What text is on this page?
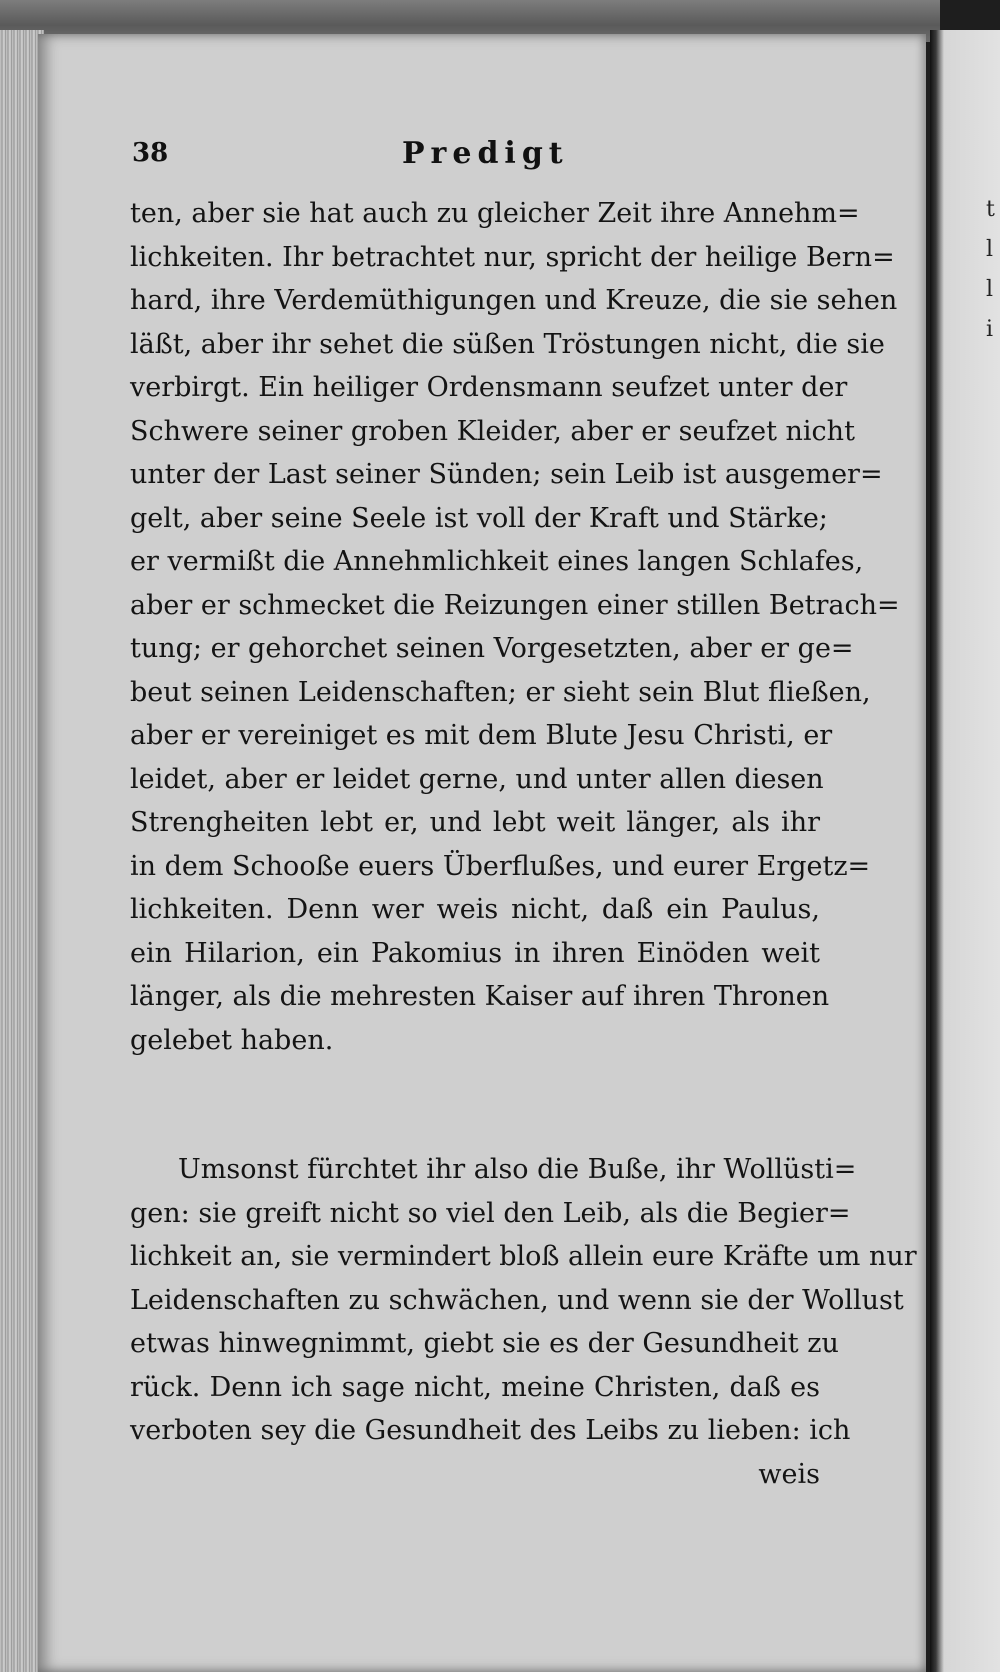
t
l
l
i
38	Predigt
ten, aber sie hat auch zu gleicher Zeit ihre Annehm=
lichkeiten. Ihr betrachtet nur, spricht der heilige Bern=
hard, ihre Verdemüthigungen und Kreuze, die sie sehen
läßt, aber ihr sehet die süßen Tröstungen nicht, die sie
verbirgt. Ein heiliger Ordensmann seufzet unter der
Schwere seiner groben Kleider, aber er seufzet nicht
unter der Last seiner Sünden; sein Leib ist ausgemer=
gelt, aber seine Seele ist voll der Kraft und Stärke;
er vermißt die Annehmlichkeit eines langen Schlafes,
aber er schmecket die Reizungen einer stillen Betrach=
tung; er gehorchet seinen Vorgesetzten, aber er ge=
beut seinen Leidenschaften; er sieht sein Blut fließen,
aber er vereiniget es mit dem Blute Jesu Christi, er
leidet, aber er leidet gerne, und unter allen diesen
Strengheiten lebt er, und lebt weit länger, als ihr
in dem Schooße euers Überflußes, und eurer Ergetz=
lichkeiten. Denn wer weis nicht, daß ein Paulus,
ein Hilarion, ein Pakomius in ihren Einöden weit
länger, als die mehresten Kaiser auf ihren Thronen
gelebet haben.
Umsonst fürchtet ihr also die Buße, ihr Wollüsti=
gen: sie greift nicht so viel den Leib, als die Begier=
lichkeit an, sie vermindert bloß allein eure Kräfte um nur
Leidenschaften zu schwächen, und wenn sie der Wollust
etwas hinwegnimmt, giebt sie es der Gesundheit zu
rück. Denn ich sage nicht, meine Christen, daß es
verboten sey die Gesundheit des Leibs zu lieben: ich
weis
